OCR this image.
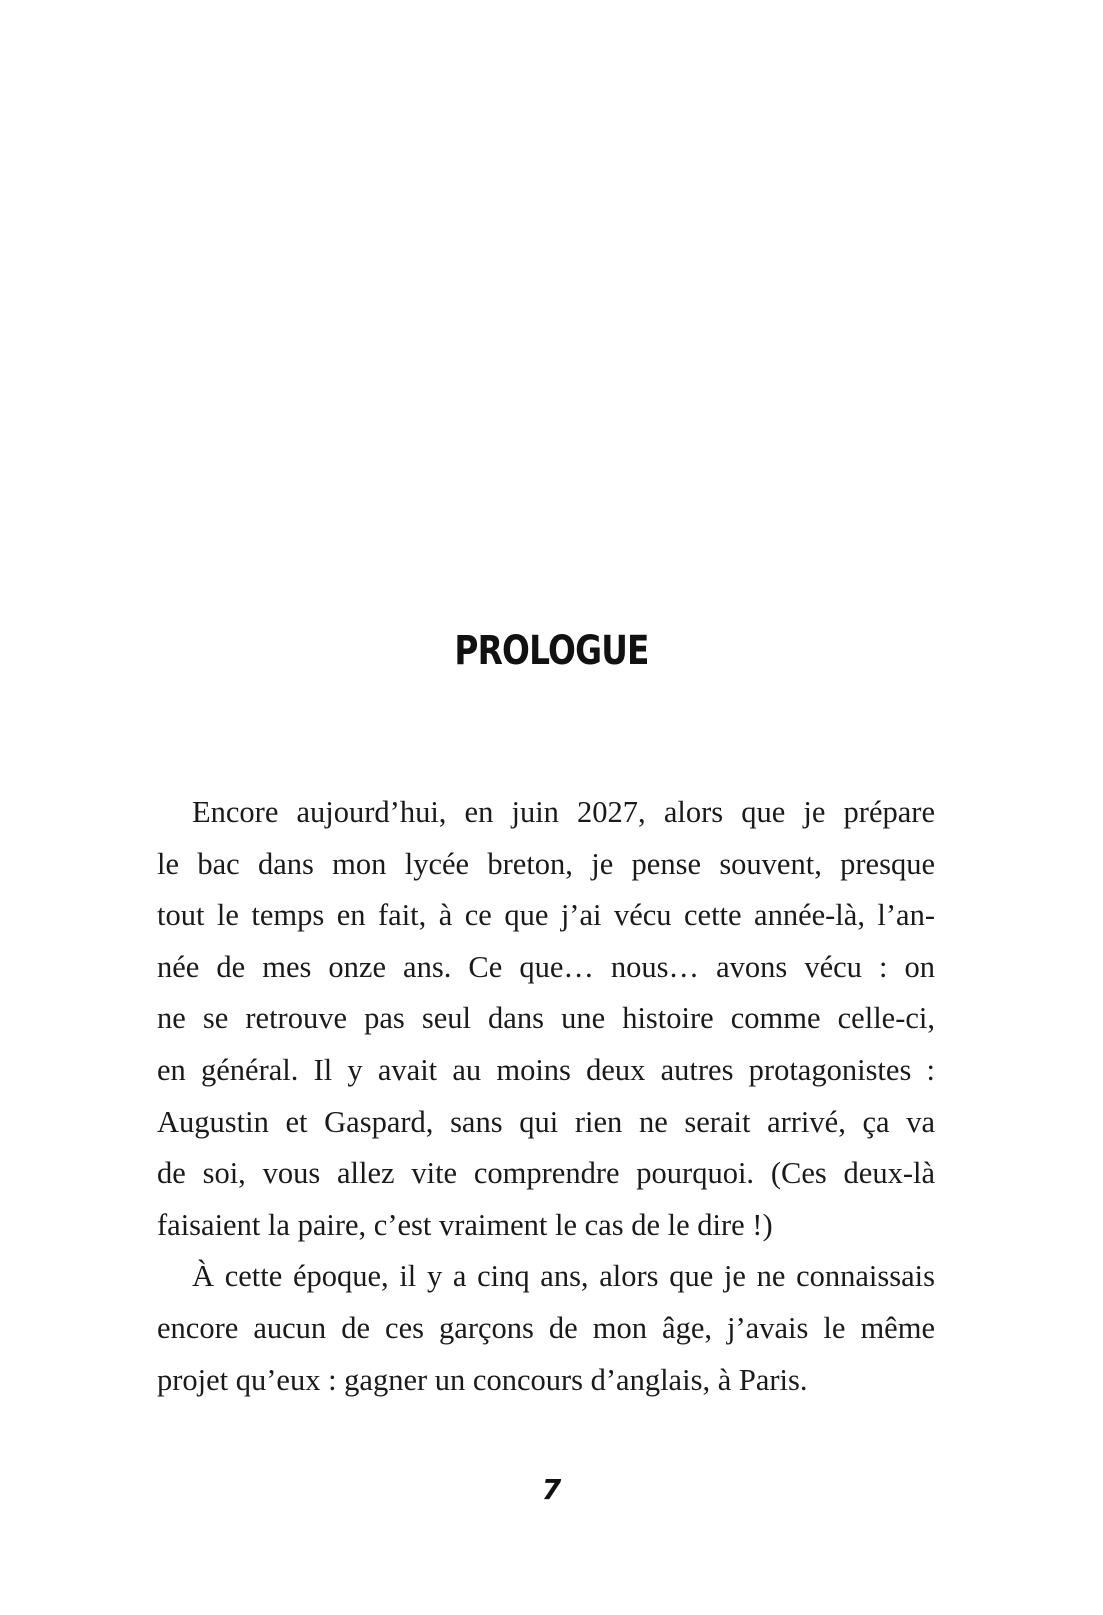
PROLOGUE
Encore aujourd’hui, en juin 2027, alors que je prépare
le bac dans mon lycée breton, je pense souvent, presque
tout le temps en fait, à ce que j’ai vécu cette année-là, l’an-
née de mes onze ans. Ce que… nous… avons vécu : on
ne se retrouve pas seul dans une histoire comme celle-ci,
en général. Il y avait au moins deux autres protagonistes :
Augustin et Gaspard, sans qui rien ne serait arrivé, ça va
de soi, vous allez vite comprendre pourquoi. (Ces deux-là
faisaient la paire, c’est vraiment le cas de le dire !)
À cette époque, il y a cinq ans, alors que je ne connaissais
encore aucun de ces garçons de mon âge, j’avais le même
projet qu’eux : gagner un concours d’anglais, à Paris.
7
